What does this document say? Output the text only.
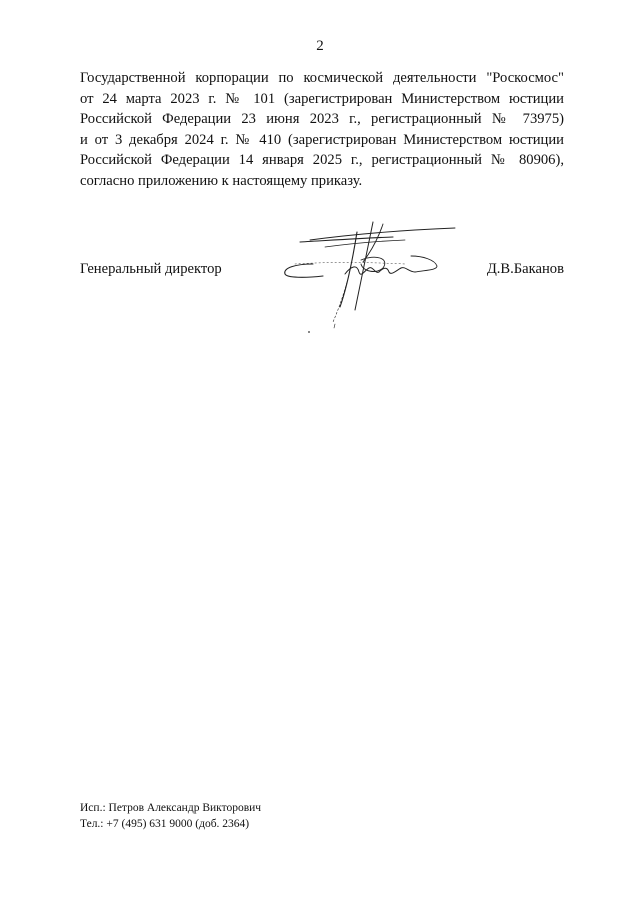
2
Государственной корпорации по космической деятельности "Роскосмос"
от 24 марта 2023 г. № 101 (зарегистрирован Министерством юстиции
Российской Федерации 23 июня 2023 г., регистрационный № 73975)
и от 3 декабря 2024 г. № 410 (зарегистрирован Министерством юстиции
Российской Федерации 14 января 2025 г., регистрационный № 80906),
согласно приложению к настоящему приказу.
Генеральный директор	Д.В.Баканов
Исп.: Петров Александр Викторович
Тел.: +7 (495) 631 9000 (доб. 2364)
